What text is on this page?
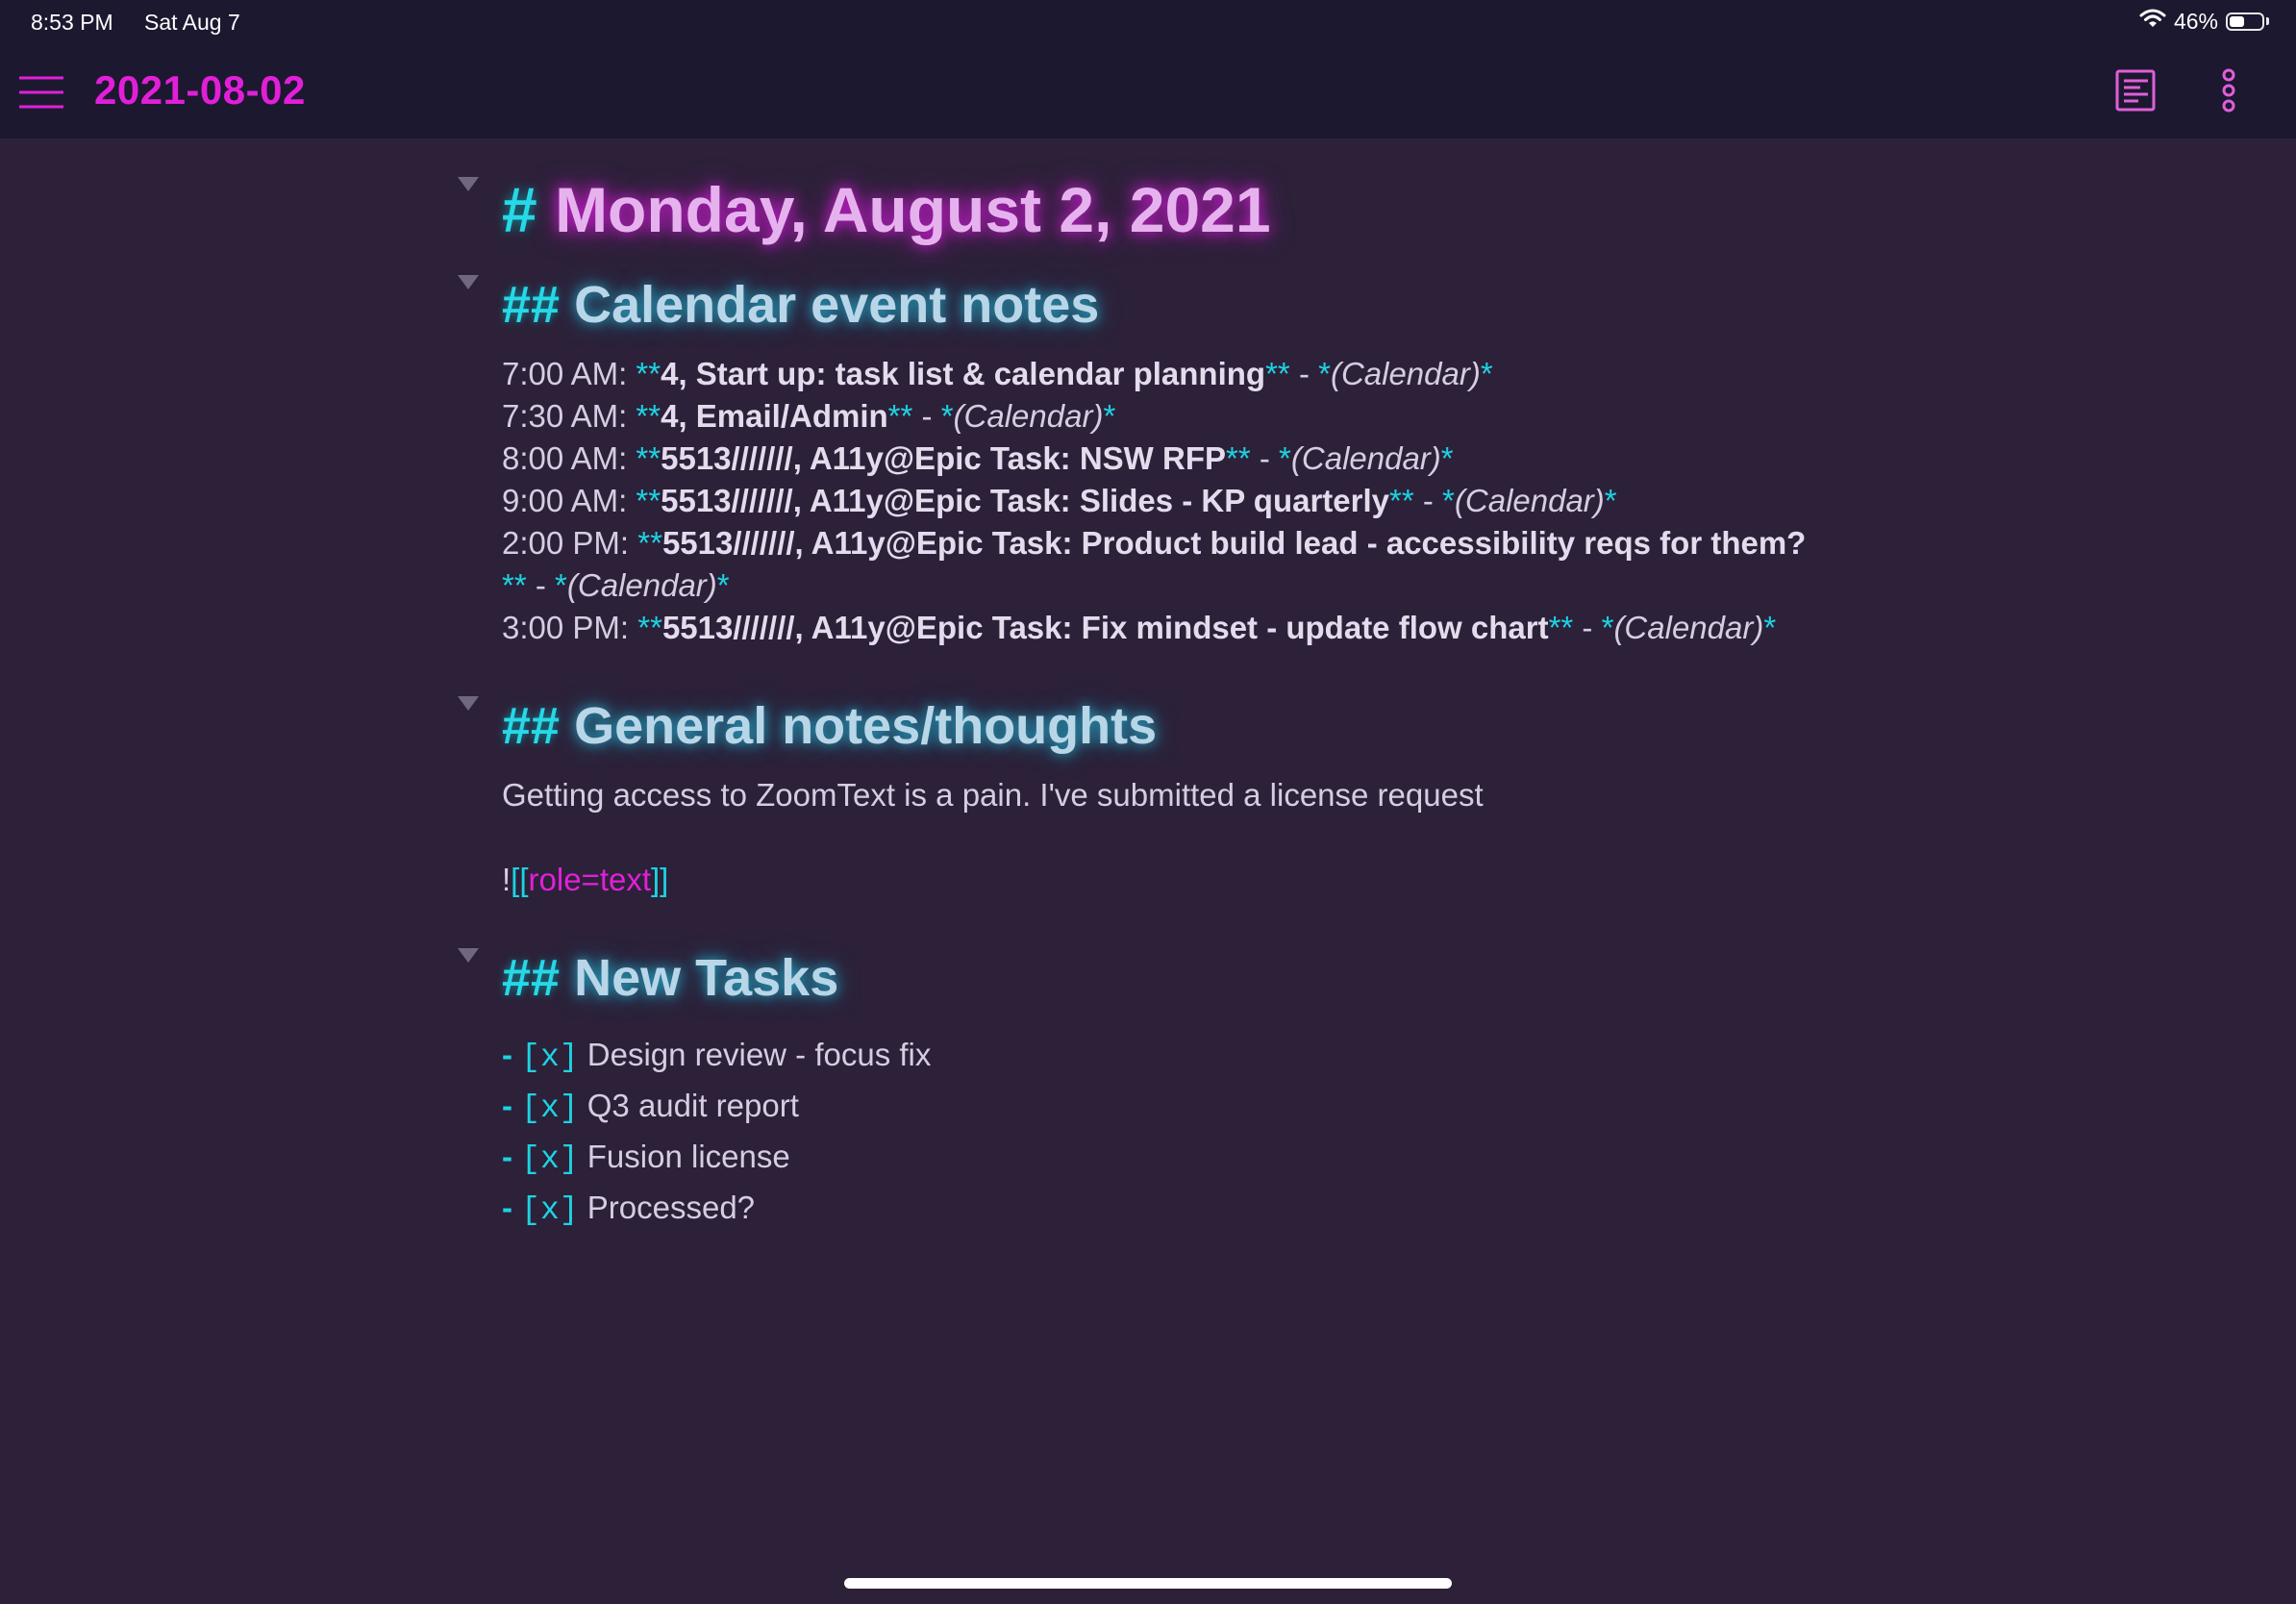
8:53 PM Sat Aug 7	46%
2021-08-02
# Monday, August 2, 2021
## Calendar event notes
7:00 AM: **4, Start up: task list & calendar planning** - *(Calendar)*
7:30 AM: **4, Email/Admin** - *(Calendar)*
8:00 AM: **5513///////, A11y@Epic Task: NSW RFP** - *(Calendar)*
9:00 AM: **5513///////, A11y@Epic Task: Slides - KP quarterly** - *(Calendar)*
2:00 PM: **5513///////, A11y@Epic Task: Product build lead - accessibility reqs for them?
** - *(Calendar)*
3:00 PM: **5513///////, A11y@Epic Task: Fix mindset - update flow chart** - *(Calendar)*
## General notes/thoughts
Getting access to ZoomText is a pain. I've submitted a license request
![[role=text]]
## New Tasks
- [x] Design review - focus fix
- [x] Q3 audit report
- [x] Fusion license
- [x] Processed?
